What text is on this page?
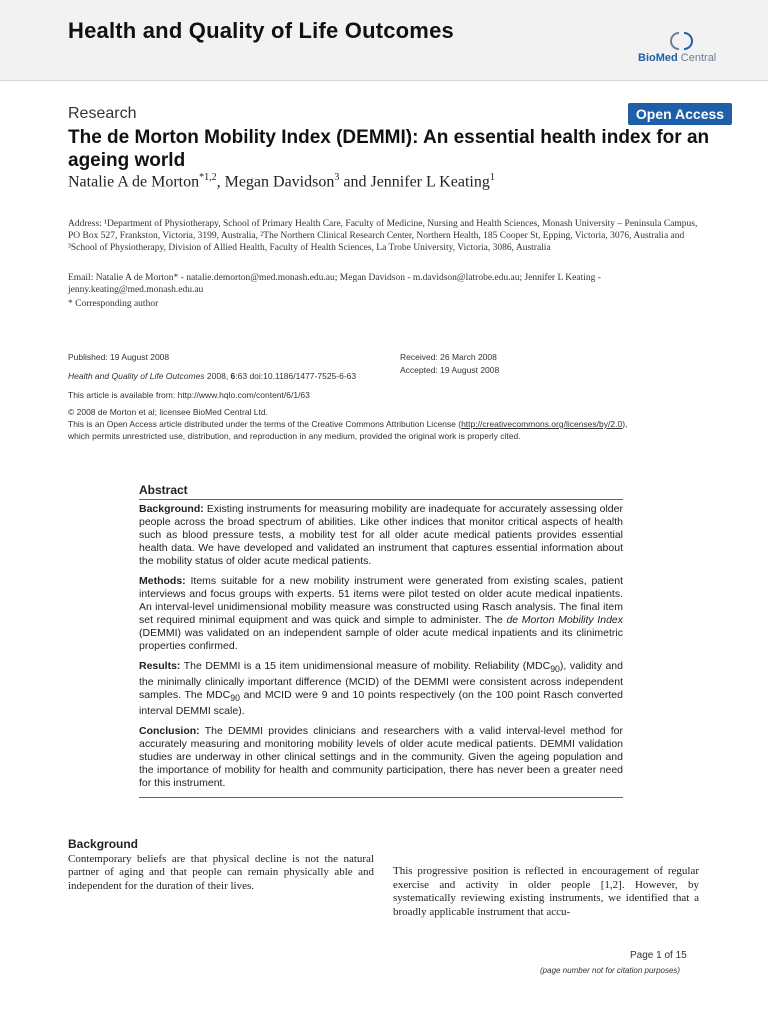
Health and Quality of Life Outcomes
BioMed Central
Research	Open Access
The de Morton Mobility Index (DEMMI): An essential health index for an ageing world
Natalie A de Morton$^{*1,2}$, Megan Davidson$^3$ and Jennifer L Keating$^1$
Address: ¹Department of Physiotherapy, School of Primary Health Care, Faculty of Medicine, Nursing and Health Sciences, Monash University – Peninsula Campus, PO Box 527, Frankston, Victoria, 3199, Australia, ²The Northern Clinical Research Center, Northern Health, 185 Cooper St, Epping, Victoria, 3076, Australia and ³School of Physiotherapy, Division of Allied Health, Faculty of Health Sciences, La Trobe University, Victoria, 3086, Australia
Email: Natalie A de Morton* - natalie.demorton@med.monash.edu.au; Megan Davidson - m.davidson@latrobe.edu.au; Jennifer L Keating - jenny.keating@med.monash.edu.au
* Corresponding author
Published: 19 August 2008
Health and Quality of Life Outcomes 2008, 6:63 doi:10.1186/1477-7525-6-63
Received: 26 March 2008
Accepted: 19 August 2008
This article is available from: http://www.hqlo.com/content/6/1/63
© 2008 de Morton et al; licensee BioMed Central Ltd.
This is an Open Access article distributed under the terms of the Creative Commons Attribution License (http://creativecommons.org/licenses/by/2.0),
which permits unrestricted use, distribution, and reproduction in any medium, provided the original work is properly cited.
Abstract

Background: Existing instruments for measuring mobility are inadequate for accurately assessing older people across the broad spectrum of abilities. Like other indices that monitor critical aspects of health such as blood pressure tests, a mobility test for all older acute medical patients provides essential health data. We have developed and validated an instrument that captures essential information about the mobility status of older acute medical patients.

Methods: Items suitable for a new mobility instrument were generated from existing scales, patient interviews and focus groups with experts. 51 items were pilot tested on older acute medical inpatients. An interval-level unidimensional mobility measure was constructed using Rasch analysis. The final item set required minimal equipment and was quick and simple to administer. The de Morton Mobility Index (DEMMI) was validated on an independent sample of older acute medical inpatients and its clinimetric properties confirmed.

Results: The DEMMI is a 15 item unidimensional measure of mobility. Reliability $(MDC_{90})$, validity and the minimally clinically important difference (MCID) of the DEMMI were consistent across independent samples. The $MDC_{90}$ and MCID were 9 and 10 points respectively (on the 100 point Rasch converted interval DEMMI scale).

Conclusion: The DEMMI provides clinicians and researchers with a valid interval-level method for accurately measuring and monitoring mobility levels of older acute medical patients. DEMMI validation studies are underway in other clinical settings and in the community. Given the ageing population and the importance of mobility for health and community participation, there has never been a greater need for this instrument.

Background

Contemporary beliefs are that physical decline is not the natural partner of aging and that people can remain physically able and independent for the duration of their lives.

This progressive position is reflected in encouragement of regular exercise and activity in older people [1,2]. However, by systematically reviewing existing instruments, we identified that a broadly applicable instrument that accu-

Page 1 of 15
(page number not for citation purposes)
